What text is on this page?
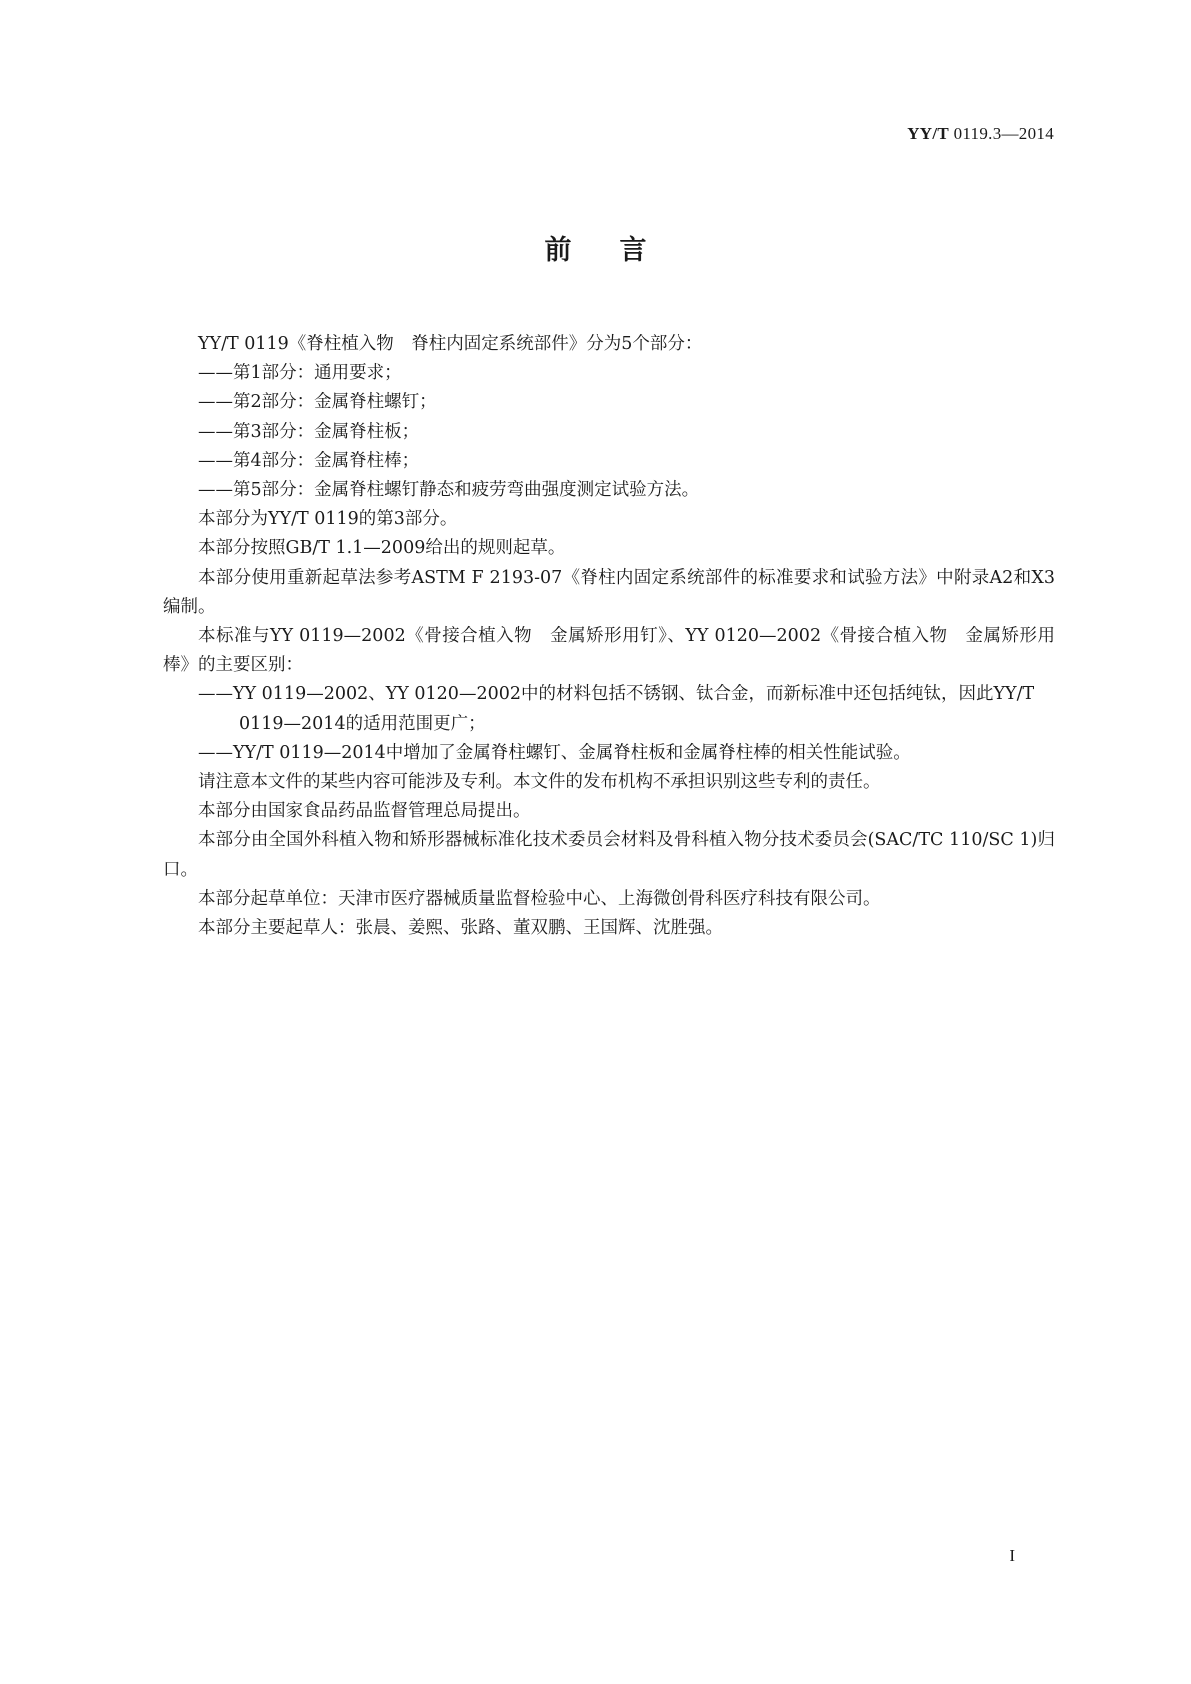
YY/T 0119.3—2014
前 言

YY/T 0119《脊柱植入物　脊柱内固定系统部件》分为5个部分：

——第1部分：通用要求；

——第2部分：金属脊柱螺钉；

——第3部分：金属脊柱板；

——第4部分：金属脊柱棒；

——第5部分：金属脊柱螺钉静态和疲劳弯曲强度测定试验方法。

本部分为YY/T 0119的第3部分。

本部分按照GB/T 1.1—2009给出的规则起草。

本部分使用重新起草法参考ASTM F 2193-07《脊柱内固定系统部件的标准要求和试验方法》中附录A2和X3编制。

本标准与YY 0119—2002《骨接合植入物　金属矫形用钉》、YY 0120—2002《骨接合植入物　金属矫形用棒》的主要区别：

——YY 0119—2002、YY 0120—2002中的材料包括不锈钢、钛合金，而新标准中还包括纯钛，因此YY/T 0119—2014的适用范围更广；

——YY/T 0119—2014中增加了金属脊柱螺钉、金属脊柱板和金属脊柱棒的相关性能试验。

请注意本文件的某些内容可能涉及专利。本文件的发布机构不承担识别这些专利的责任。

本部分由国家食品药品监督管理总局提出。

本部分由全国外科植入物和矫形器械标准化技术委员会材料及骨科植入物分技术委员会(SAC/TC 110/SC 1)归口。

本部分起草单位：天津市医疗器械质量监督检验中心、上海微创骨科医疗科技有限公司。

本部分主要起草人：张晨、姜熙、张路、董双鹏、王国辉、沈胜强。

I
